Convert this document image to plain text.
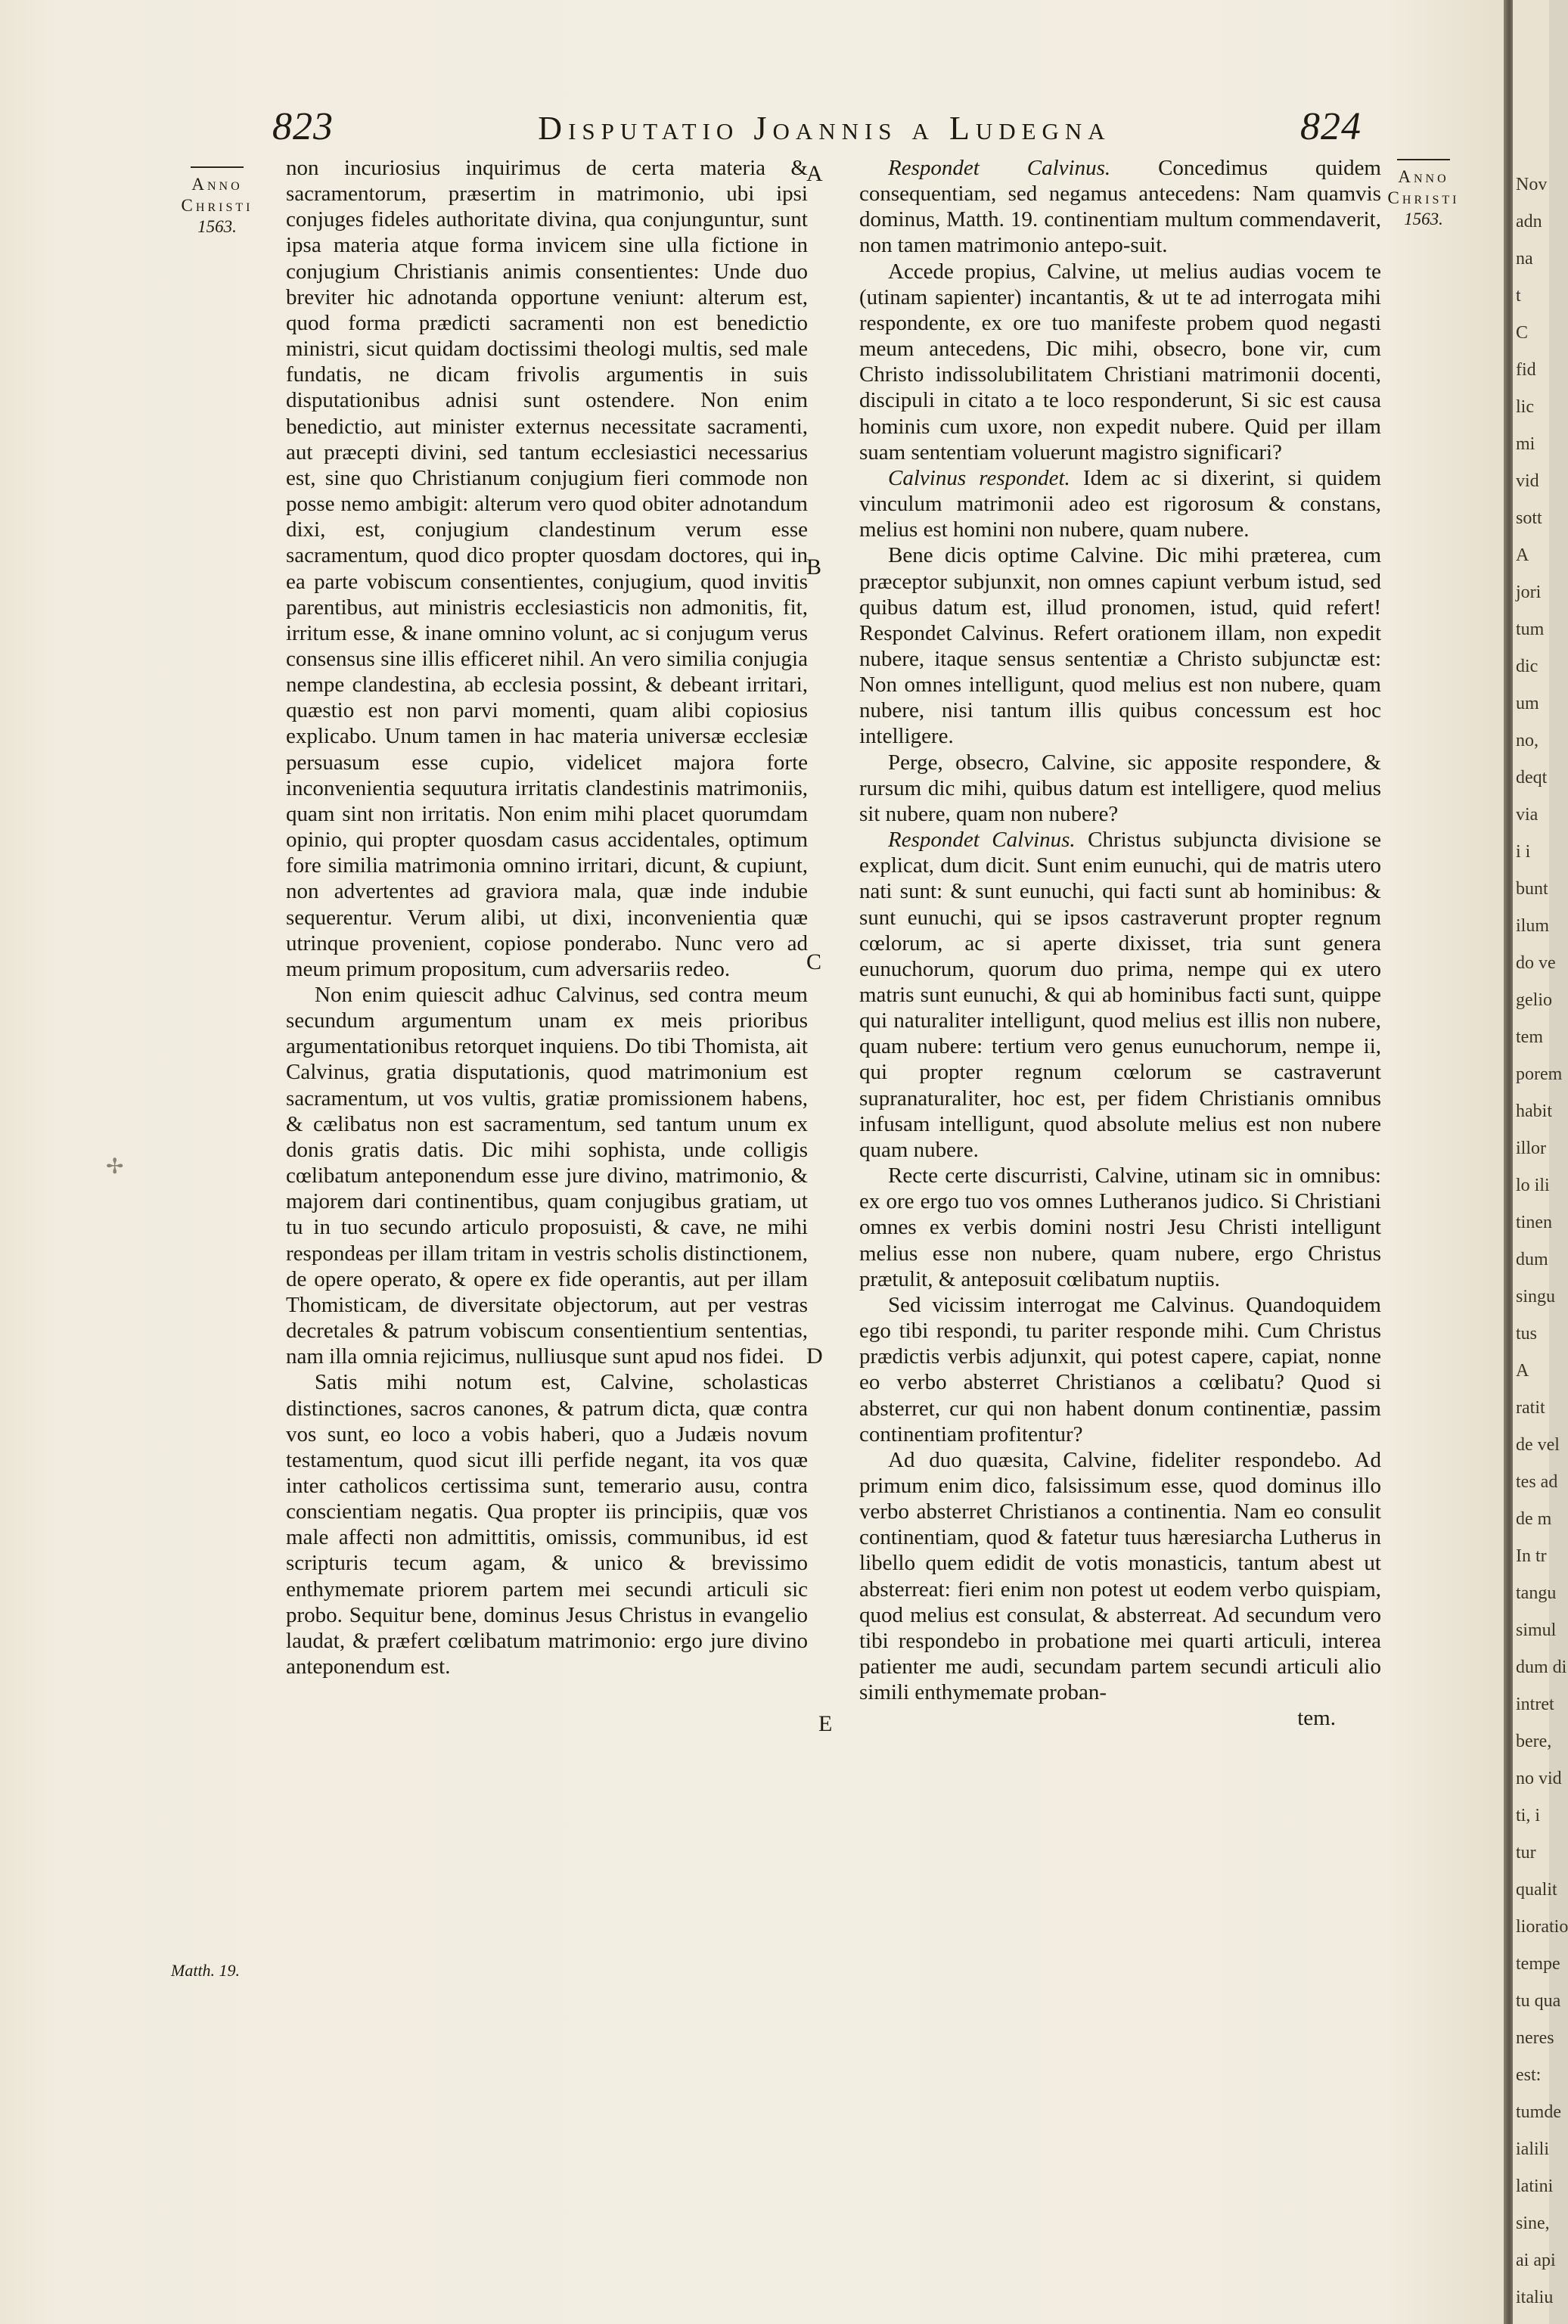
823	Disputatio Joannis a Ludegna	824
Anno
Christi
1563.
Anno
Christi
1563.
Matth. 19.
A
B
C
D
E
✢

non incuriosius inquirimus de certa materia & sacramentorum, præsertim in matrimonio, ubi ipsi conjuges fideles authoritate divina, qua conjunguntur, sunt ipsa materia atque forma invicem sine ulla fictione in conjugium Christianis animis consentientes: Unde duo breviter hic adnotanda opportune veniunt: alterum est, quod forma prædicti sacramenti non est benedictio ministri, sicut quidam doctissimi theologi multis, sed male fundatis, ne dicam frivolis argumentis in suis disputationibus adnisi sunt ostendere. Non enim benedictio, aut minister externus necessitate sacramenti, aut præcepti divini, sed tantum ecclesiastici necessarius est, sine quo Christianum conjugium fieri commode non posse nemo ambigit: alterum vero quod obiter adnotandum dixi, est, conjugium clandestinum verum esse sacramentum, quod dico propter quosdam doctores, qui in ea parte vobiscum consentientes, conjugium, quod invitis parentibus, aut ministris ecclesiasticis non admonitis, fit, irritum esse, & inane omnino volunt, ac si conjugum verus consensus sine illis efficeret nihil. An vero similia conjugia nempe clandestina, ab ecclesia possint, & debeant irritari, quæstio est non parvi momenti, quam alibi copiosius explicabo. Unum tamen in hac materia universæ ecclesiæ persuasum esse cupio, videlicet majora forte inconvenientia sequutura irritatis clandestinis matrimoniis, quam sint non irritatis. Non enim mihi placet quorumdam opinio, qui propter quosdam casus accidentales, optimum fore similia matrimonia omnino irritari, dicunt, & cupiunt, non advertentes ad graviora mala, quæ inde indubie sequerentur. Verum alibi, ut dixi, inconvenientia quæ utrinque provenient, copiose ponderabo. Nunc vero ad meum primum propositum, cum adversariis redeo.

Non enim quiescit adhuc Calvinus, sed contra meum secundum argumentum unam ex meis prioribus argumentationibus retorquet inquiens. Do tibi Thomista, ait Calvinus, gratia disputationis, quod matrimonium est sacramentum, ut vos vultis, gratiæ promissionem habens, & cælibatus non est sacramentum, sed tantum unum ex donis gratis datis. Dic mihi sophista, unde colligis cœlibatum anteponendum esse jure divino, matrimonio, & majorem dari continentibus, quam conjugibus gratiam, ut tu in tuo secundo articulo proposuisti, & cave, ne mihi respondeas per illam tritam in vestris scholis distinctionem, de opere operato, & opere ex fide operantis, aut per illam Thomisticam, de diversitate objectorum, aut per vestras decretales & patrum vobiscum consentientium sententias, nam illa omnia rejicimus, nulliusque sunt apud nos fidei.

Satis mihi notum est, Calvine, scholasticas distinctiones, sacros canones, & patrum dicta, quæ contra vos sunt, eo loco a vobis haberi, quo a Judæis novum testamentum, quod sicut illi perfide negant, ita vos quæ inter catholicos certissima sunt, temerario ausu, contra conscientiam negatis. Qua propter iis principiis, quæ vos male affecti non admittitis, omissis, communibus, id est scripturis tecum agam, & unico & brevissimo enthymemate priorem partem mei secundi articuli sic probo. Sequitur bene, dominus Jesus Christus in evangelio laudat, & præfert cœlibatum matrimonio: ergo jure divino anteponendum est.

Respondet Calvinus. Concedimus quidem consequentiam, sed negamus antecedens: Nam quamvis dominus, Matth. 19. continentiam multum commendaverit, non tamen matrimonio antepo-suit.

Accede propius, Calvine, ut melius audias vocem te (utinam sapienter) incantantis, & ut te ad interrogata mihi respondente, ex ore tuo manifeste probem quod negasti meum antecedens, Dic mihi, obsecro, bone vir, cum Christo indissolubilitatem Christiani matrimonii docenti, discipuli in citato a te loco responderunt, Si sic est causa hominis cum uxore, non expedit nubere. Quid per illam suam sententiam voluerunt magistro significari?

Calvinus respondet. Idem ac si dixerint, si quidem vinculum matrimonii adeo est rigorosum & constans, melius est homini non nubere, quam nubere.

Bene dicis optime Calvine. Dic mihi præterea, cum præceptor subjunxit, non omnes capiunt verbum istud, sed quibus datum est, illud pronomen, istud, quid refert! Respondet Calvinus. Refert orationem illam, non expedit nubere, itaque sensus sententiæ a Christo subjunctæ est: Non omnes intelligunt, quod melius est non nubere, quam nubere, nisi tantum illis quibus concessum est hoc intelligere.

Perge, obsecro, Calvine, sic apposite respondere, & rursum dic mihi, quibus datum est intelligere, quod melius sit nubere, quam non nubere?

Respondet Calvinus. Christus subjuncta divisione se explicat, dum dicit. Sunt enim eunuchi, qui de matris utero nati sunt: & sunt eunuchi, qui facti sunt ab hominibus: & sunt eunuchi, qui se ipsos castraverunt propter regnum cœlorum, ac si aperte dixisset, tria sunt genera eunuchorum, quorum duo prima, nempe qui ex utero matris sunt eunuchi, & qui ab hominibus facti sunt, quippe qui naturaliter intelligunt, quod melius est illis non nubere, quam nubere: tertium vero genus eunuchorum, nempe ii, qui propter regnum cœlorum se castraverunt supranaturaliter, hoc est, per fidem Christianis omnibus infusam intelligunt, quod absolute melius est non nubere quam nubere.

Recte certe discurristi, Calvine, utinam sic in omnibus: ex ore ergo tuo vos omnes Lutheranos judico. Si Christiani omnes ex verbis domini nostri Jesu Christi intelligunt melius esse non nubere, quam nubere, ergo Christus prætulit, & anteposuit cœlibatum nuptiis.

Sed vicissim interrogat me Calvinus. Quandoquidem ego tibi respondi, tu pariter responde mihi. Cum Christus prædictis verbis adjunxit, qui potest capere, capiat, nonne eo verbo absterret Christianos a cœlibatu? Quod si absterret, cur qui non habent donum continentiæ, passim continentiam profitentur?

Ad duo quæsita, Calvine, fideliter respondebo. Ad primum enim dico, falsissimum esse, quod dominus illo verbo absterret Christianos a continentia. Nam eo consulit continentiam, quod & fatetur tuus hæresiarcha Lutherus in libello quem edidit de votis monasticis, tantum abest ut absterreat: fieri enim non potest ut eodem verbo quispiam, quod melius est consulat, & absterreat. Ad secundum vero tibi respondebo in probatione mei quarti articuli, interea patienter me audi, secundam partem secundi articuli alio simili enthymemate proban-

tem.

Nov
adn
na
t
C
fid
lic
mi
vid
sott
A
jori
tum
dic
um
no,
deqt
via
i i
bunt
ilum
do ve
gelio
tem
porem
habit
illor
lo ili
tinen
dum
singu
tus
A
ratit
de vel
tes ad
de m
In tr
tangu
simul
dum di
intret
bere,
no vid
ti, i
tur
qualit
lioratio
tempe
tu qua
neres
est:
tumde
ialili
latini
sine,
ai api
italiu
